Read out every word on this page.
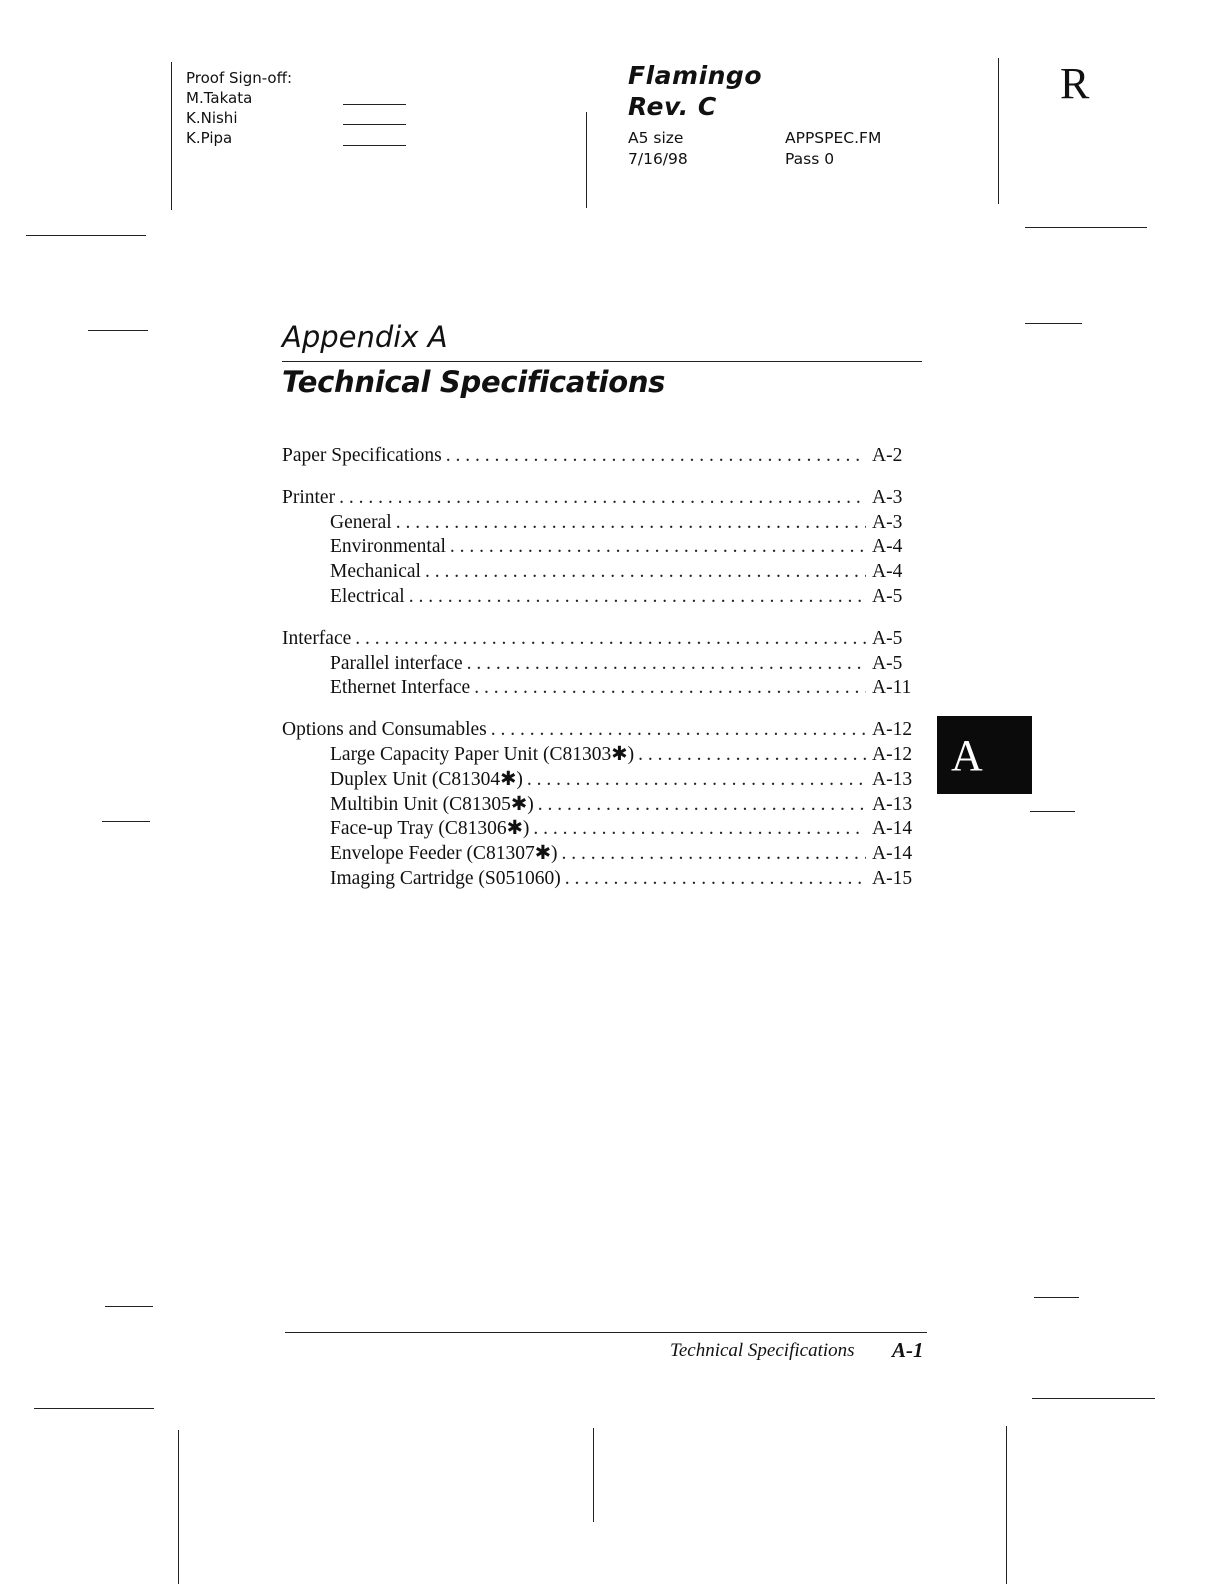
Proof Sign-off:
M.Takata
K.Nishi
K.Pipa
Flamingo
Rev. C
A5 size
7/16/98
APPSPEC.FM
Pass 0
R
Appendix A
Technical Specifications
Paper Specifications . . .	A-2
Printer . . .	A-3
General . . .	A-3
Environmental . . .	A-4
Mechanical . . .	A-4
Electrical . . .	A-5
Interface . . .	A-5
Parallel interface . . .	A-5
Ethernet Interface . . .	A-11
Options and Consumables . . .	A-12
Large Capacity Paper Unit (C81303✱) . . .	A-12
Duplex Unit (C81304✱) . . .	A-13
Multibin Unit (C81305✱) . . .	A-13
Face-up Tray (C81306✱) . . .	A-14
Envelope Feeder (C81307✱) . . .	A-14
Imaging Cartridge (S051060) . . .	A-15
A
Technical Specifications A-1
